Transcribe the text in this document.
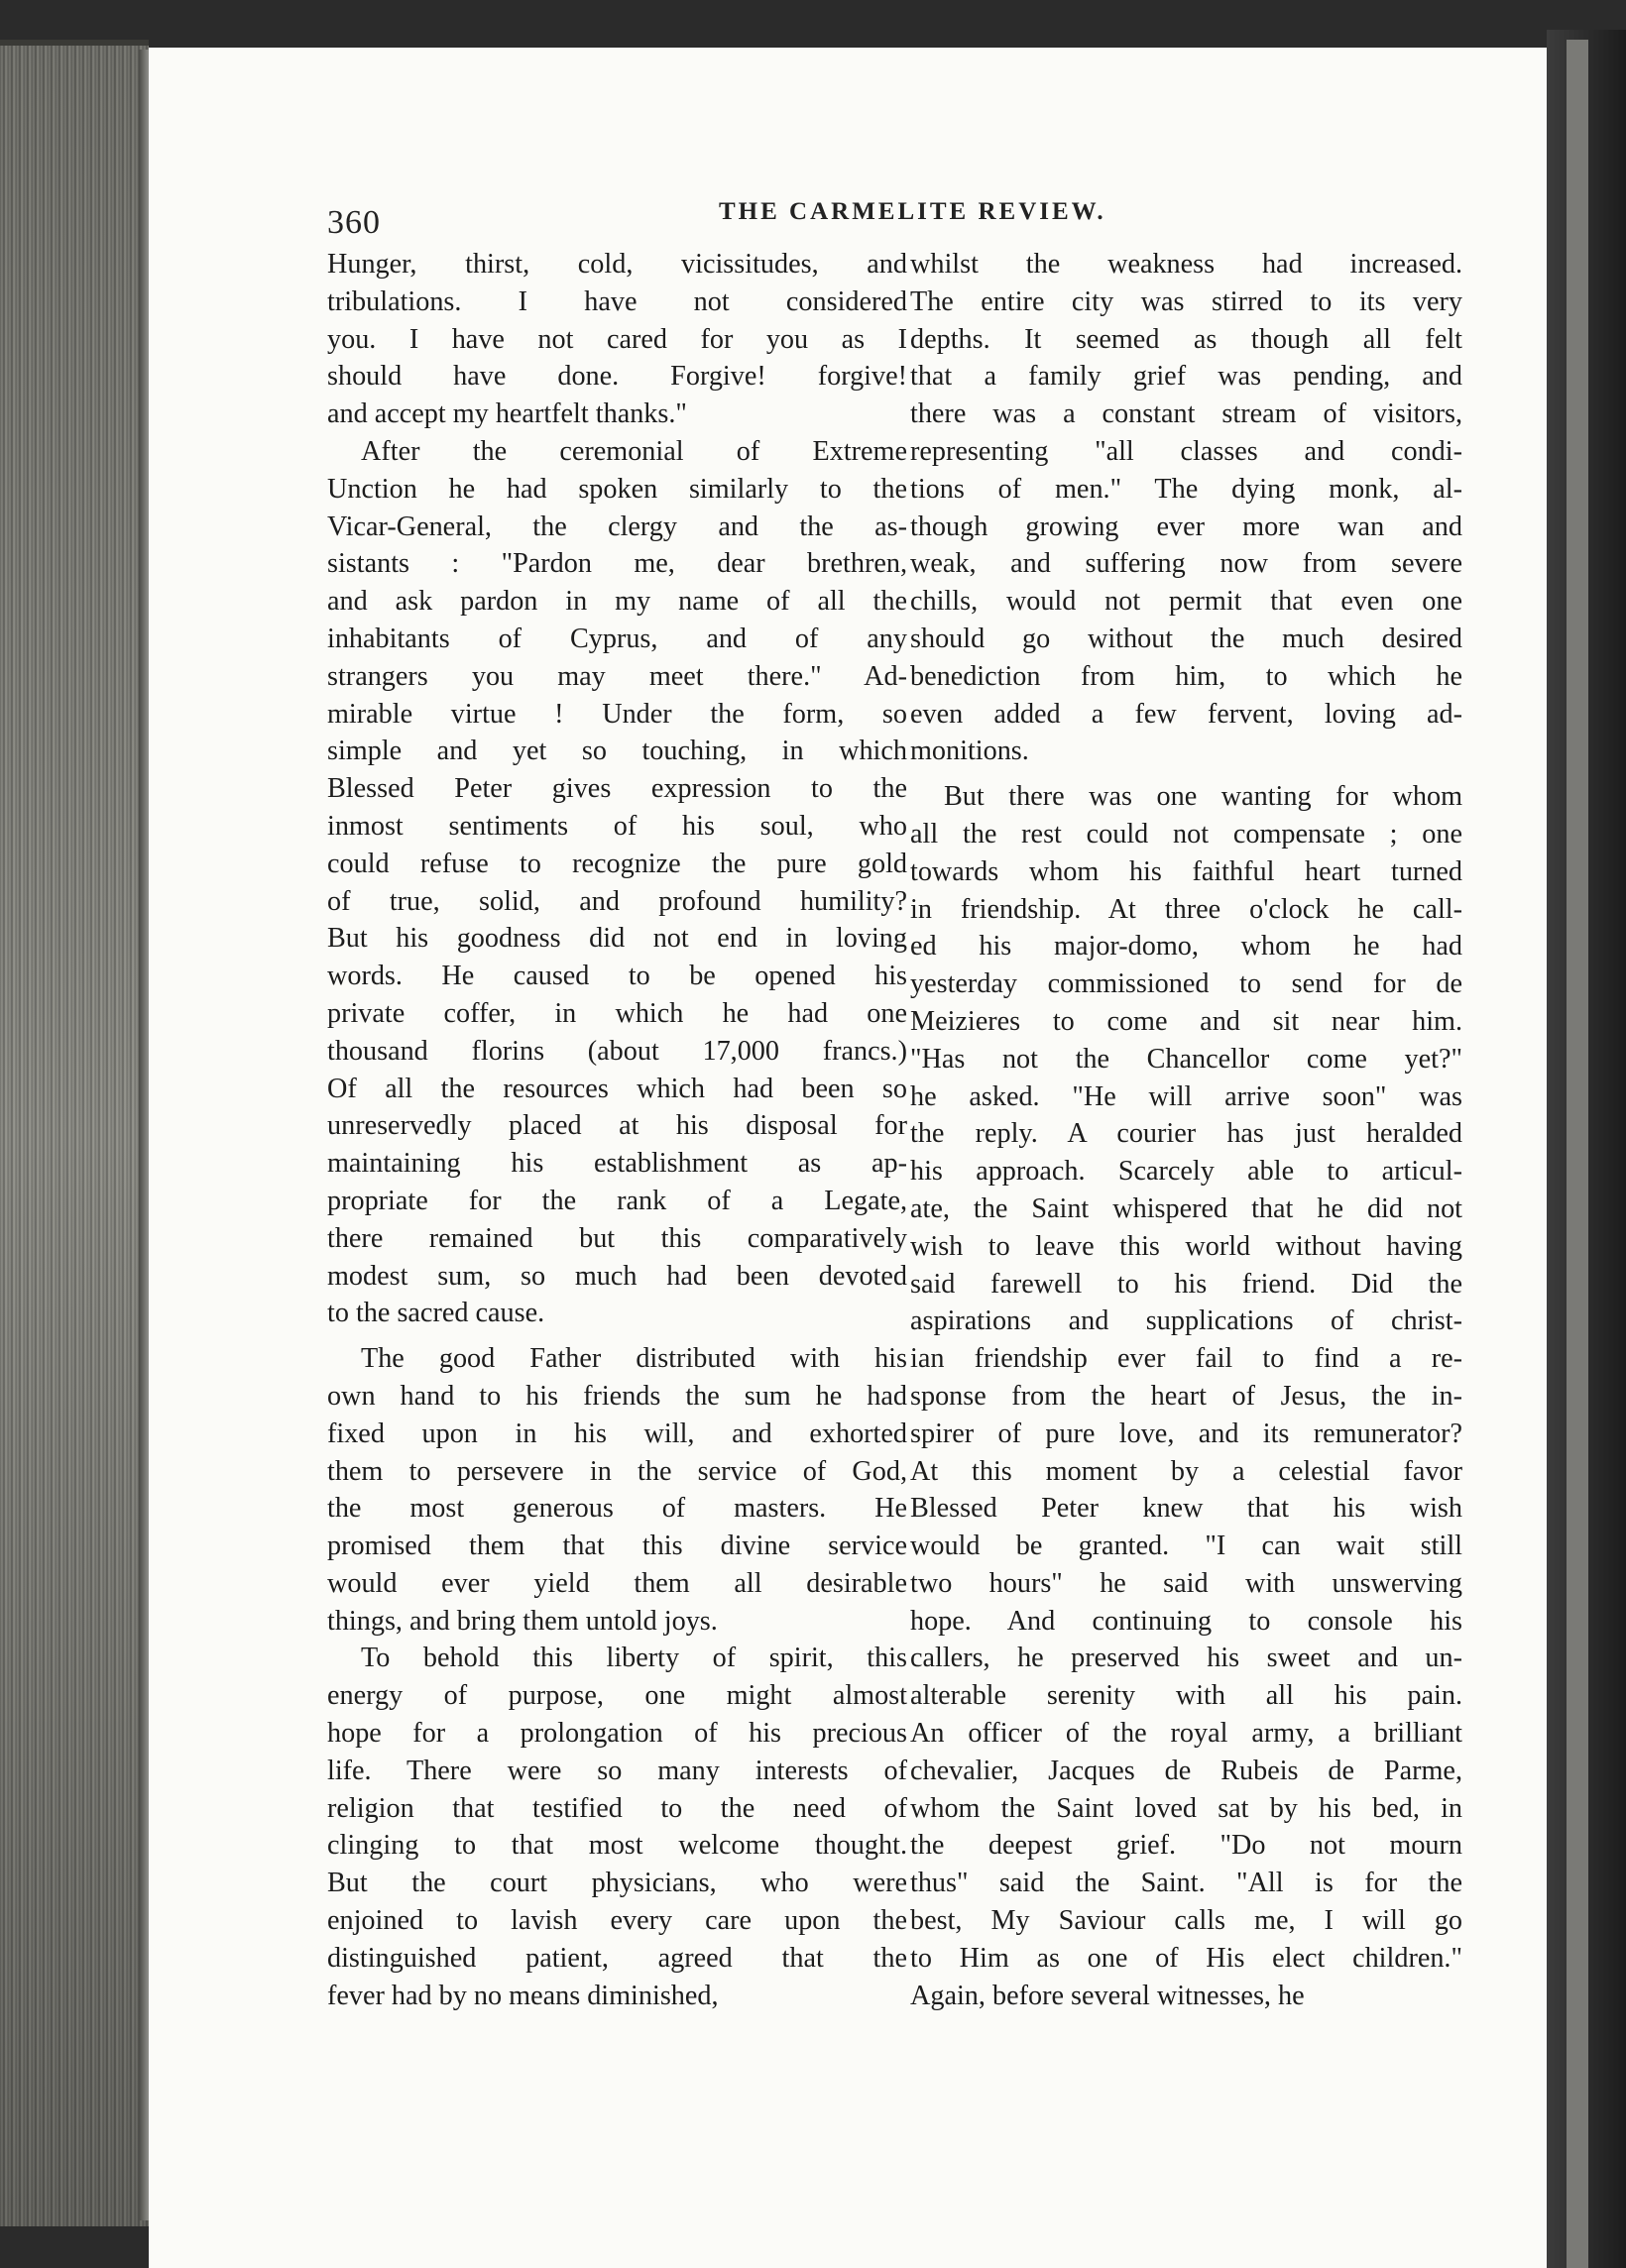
360	THE CARMELITE REVIEW.

Hunger, thirst, cold, vicissitudes, and
tribulations. I have not considered
you. I have not cared for you as I
should have done. Forgive! forgive!
and accept my heartfelt thanks."

After the ceremonial of Extreme
Unction he had spoken similarly to the
Vicar-General, the clergy and the as-
sistants : "Pardon me, dear brethren,
and ask pardon in my name of all the
inhabitants of Cyprus, and of any
strangers you may meet there." Ad-
mirable virtue ! Under the form, so
simple and yet so touching, in which
Blessed Peter gives expression to the
inmost sentiments of his soul, who
could refuse to recognize the pure gold
of true, solid, and profound humility?
But his goodness did not end in loving
words. He caused to be opened his
private coffer, in which he had one
thousand florins (about 17,000 francs.)
Of all the resources which had been so
unreservedly placed at his disposal for
maintaining his establishment as ap-
propriate for the rank of a Legate,
there remained but this comparatively
modest sum, so much had been devoted
to the sacred cause.

The good Father distributed with his
own hand to his friends the sum he had
fixed upon in his will, and exhorted
them to persevere in the service of God,
the most generous of masters. He
promised them that this divine service
would ever yield them all desirable
things, and bring them untold joys.

To behold this liberty of spirit, this
energy of purpose, one might almost
hope for a prolongation of his precious
life. There were so many interests of
religion that testified to the need of
clinging to that most welcome thought.
But the court physicians, who were
enjoined to lavish every care upon the
distinguished patient, agreed that the
fever had by no means diminished,

whilst the weakness had increased.
The entire city was stirred to its very
depths. It seemed as though all felt
that a family grief was pending, and
there was a constant stream of visitors,
representing "all classes and condi-
tions of men." The dying monk, al-
though growing ever more wan and
weak, and suffering now from severe
chills, would not permit that even one
should go without the much desired
benediction from him, to which he
even added a few fervent, loving ad-
monitions.

But there was one wanting for whom
all the rest could not compensate ; one
towards whom his faithful heart turned
in friendship. At three o'clock he call-
ed his major-domo, whom he had
yesterday commissioned to send for de
Meizieres to come and sit near him.
"Has not the Chancellor come yet?"
he asked. "He will arrive soon" was
the reply. A courier has just heralded
his approach. Scarcely able to articul-
ate, the Saint whispered that he did not
wish to leave this world without having
said farewell to his friend. Did the
aspirations and supplications of christ-
ian friendship ever fail to find a re-
sponse from the heart of Jesus, the in-
spirer of pure love, and its remunerator?
At this moment by a celestial favor
Blessed Peter knew that his wish
would be granted. "I can wait still
two hours" he said with unswerving
hope. And continuing to console his
callers, he preserved his sweet and un-
alterable serenity with all his pain.
An officer of the royal army, a brilliant
chevalier, Jacques de Rubeis de Parme,
whom the Saint loved sat by his bed, in
the deepest grief. "Do not mourn
thus" said the Saint. "All is for the
best, My Saviour calls me, I will go
to Him as one of His elect children."
Again, before several witnesses, he
